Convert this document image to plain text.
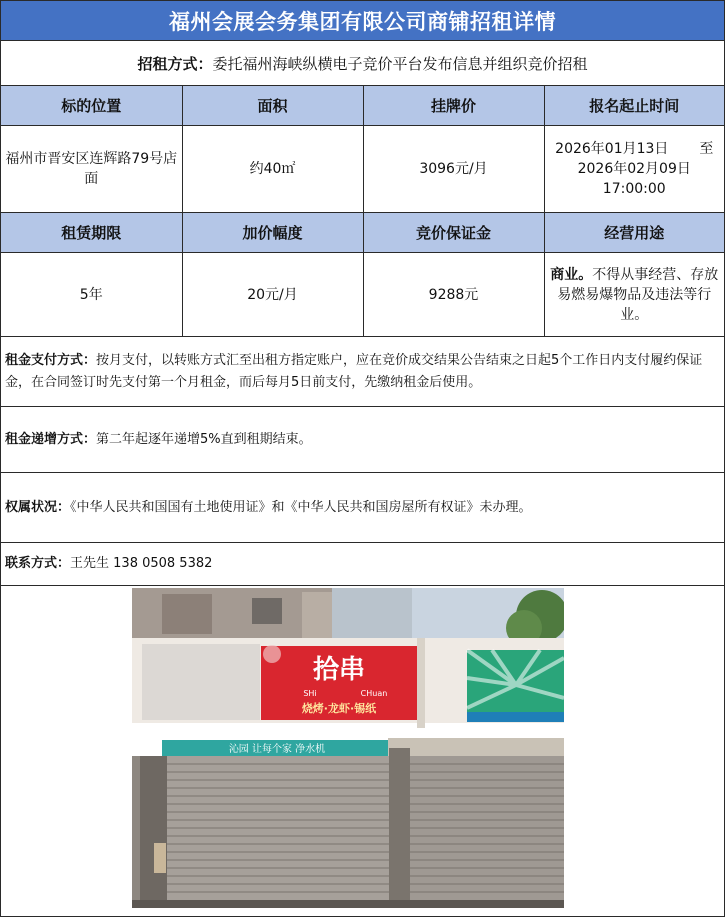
福州会展会务集团有限公司商铺招租详情
招租方式： 委托福州海峡纵横电子竞价平台发布信息并组织竞价招租
标的位置	面积	挂牌价	报名起止时间
福州市晋安区连辉路79号店面	约40㎡	3096元/月	2026年01月13日 至
2026年02月09日
17:00:00

租赁期限	加价幅度	竞价保证金	经营用途
5年	20元/月	9288元	商业。不得从事经营、存放易燃易爆物品及违法等行业。
租金支付方式：按月支付，以转账方式汇至出租方指定账户，应在竞价成交结果公告结束之日起5个工作日内支付履约保证金，在合同签订时先支付第一个月租金，而后每月5日前支付，先缴纳租金后使用。
租金递增方式：第二年起逐年递增5%直到租期结束。
权属状况：《中华人民共和国国有土地使用证》和《中华人民共和国房屋所有权证》未办理。
联系方式：王先生 138 0508 5382
拾串
SHi	CHuan
烧烤·龙虾·锡纸
沁园 让每个家 净水机
